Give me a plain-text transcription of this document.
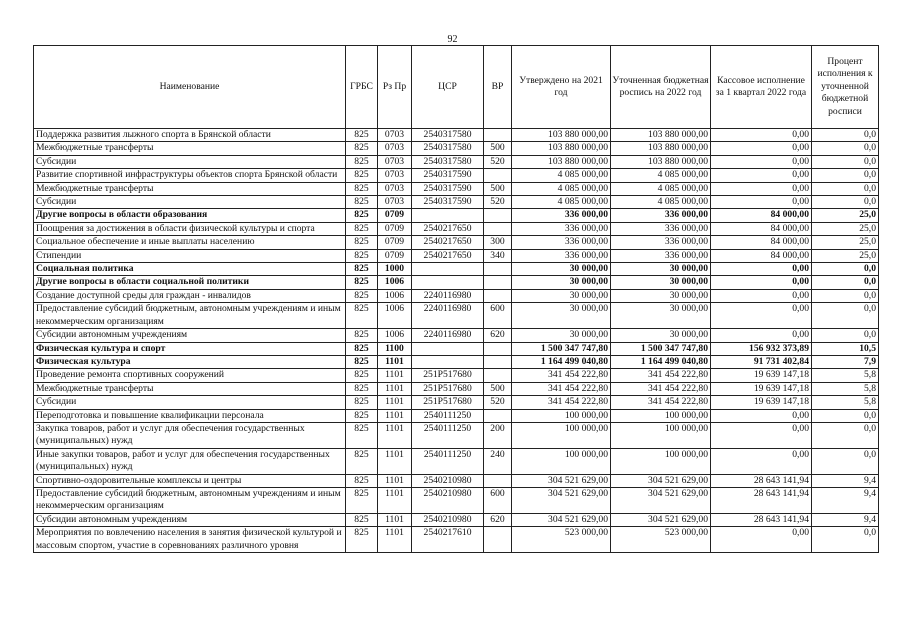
92
Наименование	ГРБС	Рз Пр	ЦСР	ВР	Утверждено на 2021 год	Уточненная бюджетная роспись на 2022 год	Кассовое исполнение за 1 квартал 2022 года	Процент исполнения к уточненной бюджетной росписи
Поддержка развития лыжного спорта в Брянской области	825	0703	2540317580		103 880 000,00	103 880 000,00	0,00	0,0
Межбюджетные трансферты	825	0703	2540317580	500	103 880 000,00	103 880 000,00	0,00	0,0
Субсидии	825	0703	2540317580	520	103 880 000,00	103 880 000,00	0,00	0,0
Развитие спортивной инфраструктуры объектов спорта Брянской области	825	0703	2540317590		4 085 000,00	4 085 000,00	0,00	0,0
Межбюджетные трансферты	825	0703	2540317590	500	4 085 000,00	4 085 000,00	0,00	0,0
Субсидии	825	0703	2540317590	520	4 085 000,00	4 085 000,00	0,00	0,0
Другие вопросы в области образования	825	0709			336 000,00	336 000,00	84 000,00	25,0
Поощрения за достижения в области физической культуры и спорта	825	0709	2540217650		336 000,00	336 000,00	84 000,00	25,0
Социальное обеспечение и иные выплаты населению	825	0709	2540217650	300	336 000,00	336 000,00	84 000,00	25,0
Стипендии	825	0709	2540217650	340	336 000,00	336 000,00	84 000,00	25,0
Социальная политика	825	1000			30 000,00	30 000,00	0,00	0,0
Другие вопросы в области социальной политики	825	1006			30 000,00	30 000,00	0,00	0,0
Создание доступной среды для граждан - инвалидов	825	1006	2240116980		30 000,00	30 000,00	0,00	0,0
Предоставление субсидий бюджетным, автономным учреждениям и иным некоммерческим организациям	825	1006	2240116980	600	30 000,00	30 000,00	0,00	0,0
Субсидии автономным учреждениям	825	1006	2240116980	620	30 000,00	30 000,00	0,00	0,0
Физическая культура и спорт	825	1100			1 500 347 747,80	1 500 347 747,80	156 932 373,89	10,5
Физическая культура	825	1101			1 164 499 040,80	1 164 499 040,80	91 731 402,84	7,9
Проведение ремонта спортивных сооружений	825	1101	251P517680		341 454 222,80	341 454 222,80	19 639 147,18	5,8
Межбюджетные трансферты	825	1101	251P517680	500	341 454 222,80	341 454 222,80	19 639 147,18	5,8
Субсидии	825	1101	251P517680	520	341 454 222,80	341 454 222,80	19 639 147,18	5,8
Переподготовка и повышение квалификации персонала	825	1101	2540111250		100 000,00	100 000,00	0,00	0,0
Закупка товаров, работ и услуг для обеспечения государственных (муниципальных) нужд	825	1101	2540111250	200	100 000,00	100 000,00	0,00	0,0
Иные закупки товаров, работ и услуг для обеспечения государственных (муниципальных) нужд	825	1101	2540111250	240	100 000,00	100 000,00	0,00	0,0
Спортивно-оздоровительные комплексы и центры	825	1101	2540210980		304 521 629,00	304 521 629,00	28 643 141,94	9,4
Предоставление субсидий бюджетным, автономным учреждениям и иным некоммерческим организациям	825	1101	2540210980	600	304 521 629,00	304 521 629,00	28 643 141,94	9,4
Субсидии автономным учреждениям	825	1101	2540210980	620	304 521 629,00	304 521 629,00	28 643 141,94	9,4
Мероприятия по вовлечению населения в занятия физической культурой и массовым спортом, участие в соревнованиях различного уровня	825	1101	2540217610		523 000,00	523 000,00	0,00	0,0
